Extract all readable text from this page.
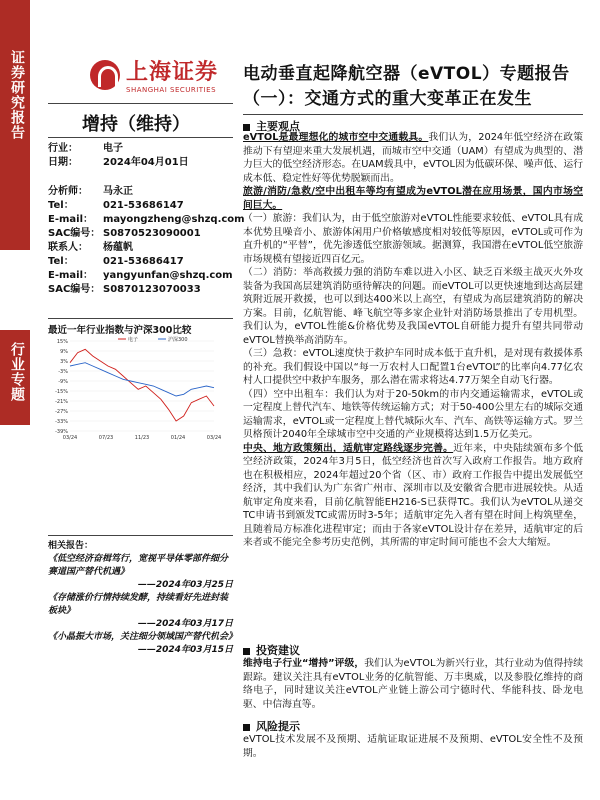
证券研究报告
行业专题
上海证券
SHANGHAI SECURITIES
增持（维持）
行业：	电子
日期：	2024年04月01日
分析师： 马永正
Tel：	021-53686147
E-mail： mayongzheng@shzq.com
SAC编号： S0870523090001
联系人： 杨蕴帆
Tel：	021-53686417
E-mail： yangyunfan@shzq.com
SAC编号： S0870123070033
最近一年行业指数与沪深300比较
15%
9%
3%
-3%
-9%
-15%
-21%
-27%
-33%
-39%
03/24	07/23	11/23	01/24	03/24
电子	沪深300
相关报告：
《低空经济奋楫笃行，宽视平导体零部件细分赛道国产替代机遇》
——2024年03月25日
《存储涨价行情持续发酵，持续看好先进封装板块》
——2024年03月17日
《小晶振大市场，关注细分领域国产替代机会》
——2024年03月15日
电动垂直起降航空器（eVTOL）专题报告（一）：交通方式的重大变革正在发生
主要观点

eVTOL是最理想化的城市空中交通载具。我们认为，2024年低空经济在政策推动下有望迎来重大发展机遇，而城市空中交通（UAM）有望成为典型的、潜力巨大的低空经济形态。在UAM载具中，eVTOL因为低碳环保、噪声低、运行成本低、稳定性好等优势脱颖而出。

旅游/消防/急救/空中出租车等均有望成为eVTOL潜在应用场景，国内市场空间巨大。

（一）旅游：我们认为，由于低空旅游对eVTOL性能要求较低、eVTOL具有成本优势且噪音小、旅游体闲用户价格敏感度相对较低等原因，eVTOL或可作为直升机的“平替”，优先渗透低空旅游领域。据测算，我国潜在eVTOL低空旅游市场规模有望接近四百亿元。

（二）消防：举高救援力强的消防车难以进入小区、缺乏百米级主战灭火外攻装备为我国高层建筑消防亟待解决的问题。而eVTOL可以更快速地到达高层建筑附近展开救援，也可以到达400米以上高空，有望成为高层建筑消防的解决方案。目前，亿航智能、峰飞航空等多家企业针对消防场景推出了专用机型。我们认为，eVTOL性能&价格优势及我国eVTOL自研能力提升有望共同带动eVTOL替换举高消防车。

（三）急救：eVTOL速度快于救护车同时成本低于直升机，是对现有救援体系的补充。我们假设中国以“每一万农村人口配置1台eVTOL”的比率向4.77亿农村人口提供空中救护车服务，那么潜在需求将达4.77万架全自动飞行器。

（四）空中出租车：我们认为对于20-50km的市内交通运输需求，eVTOL或一定程度上替代汽车、地铁等传统运输方式；对于50-400公里左右的城际交通运输需求，eVTOL或一定程度上替代城际火车、汽车、高铁等运输方式。罗兰贝格预计2040年全球城市空中交通的产业规模将达到1.5万亿美元。

中央、地方政策频出，适航审定路线逐步完善。近年来，中央陆续颁布多个低空经济政策，2024年3月5日，低空经济也首次写入政府工作报告。地方政府也在积极相应，2024年超过20个省（区、市）政府工作报告中提出发展低空经济，其中我们认为广东省广州市、深圳市以及安徽省合肥市进展较快。从适航审定角度来看，目前亿航智能EH216-S已获得TC。我们认为eVTOL从递交TC申请书到颁发TC或需历时3-5年；适航审定先入者有望在时间上构筑壁垒，且随着局方标准化进程审定；而由于各家eVTOL设计存在差异，适航审定的后来者或不能完全参考历史范例，其所需的审定时间可能也不会大大缩短。

投资建议

维持电子行业“增持”评级，我们认为eVTOL为新兴行业，其行业动为值得持续跟踪。建议关注具有eVTOL业务的亿航智能、万丰奥威，以及参股亿维持的商络电子，同时建议关注eVTOL产业链上游公司宁德时代、华能科技、卧龙电驱、中信海直等。

风险提示

eVTOL技术发展不及预期、适航证取证进展不及预期、eVTOL安全性不及预期。
